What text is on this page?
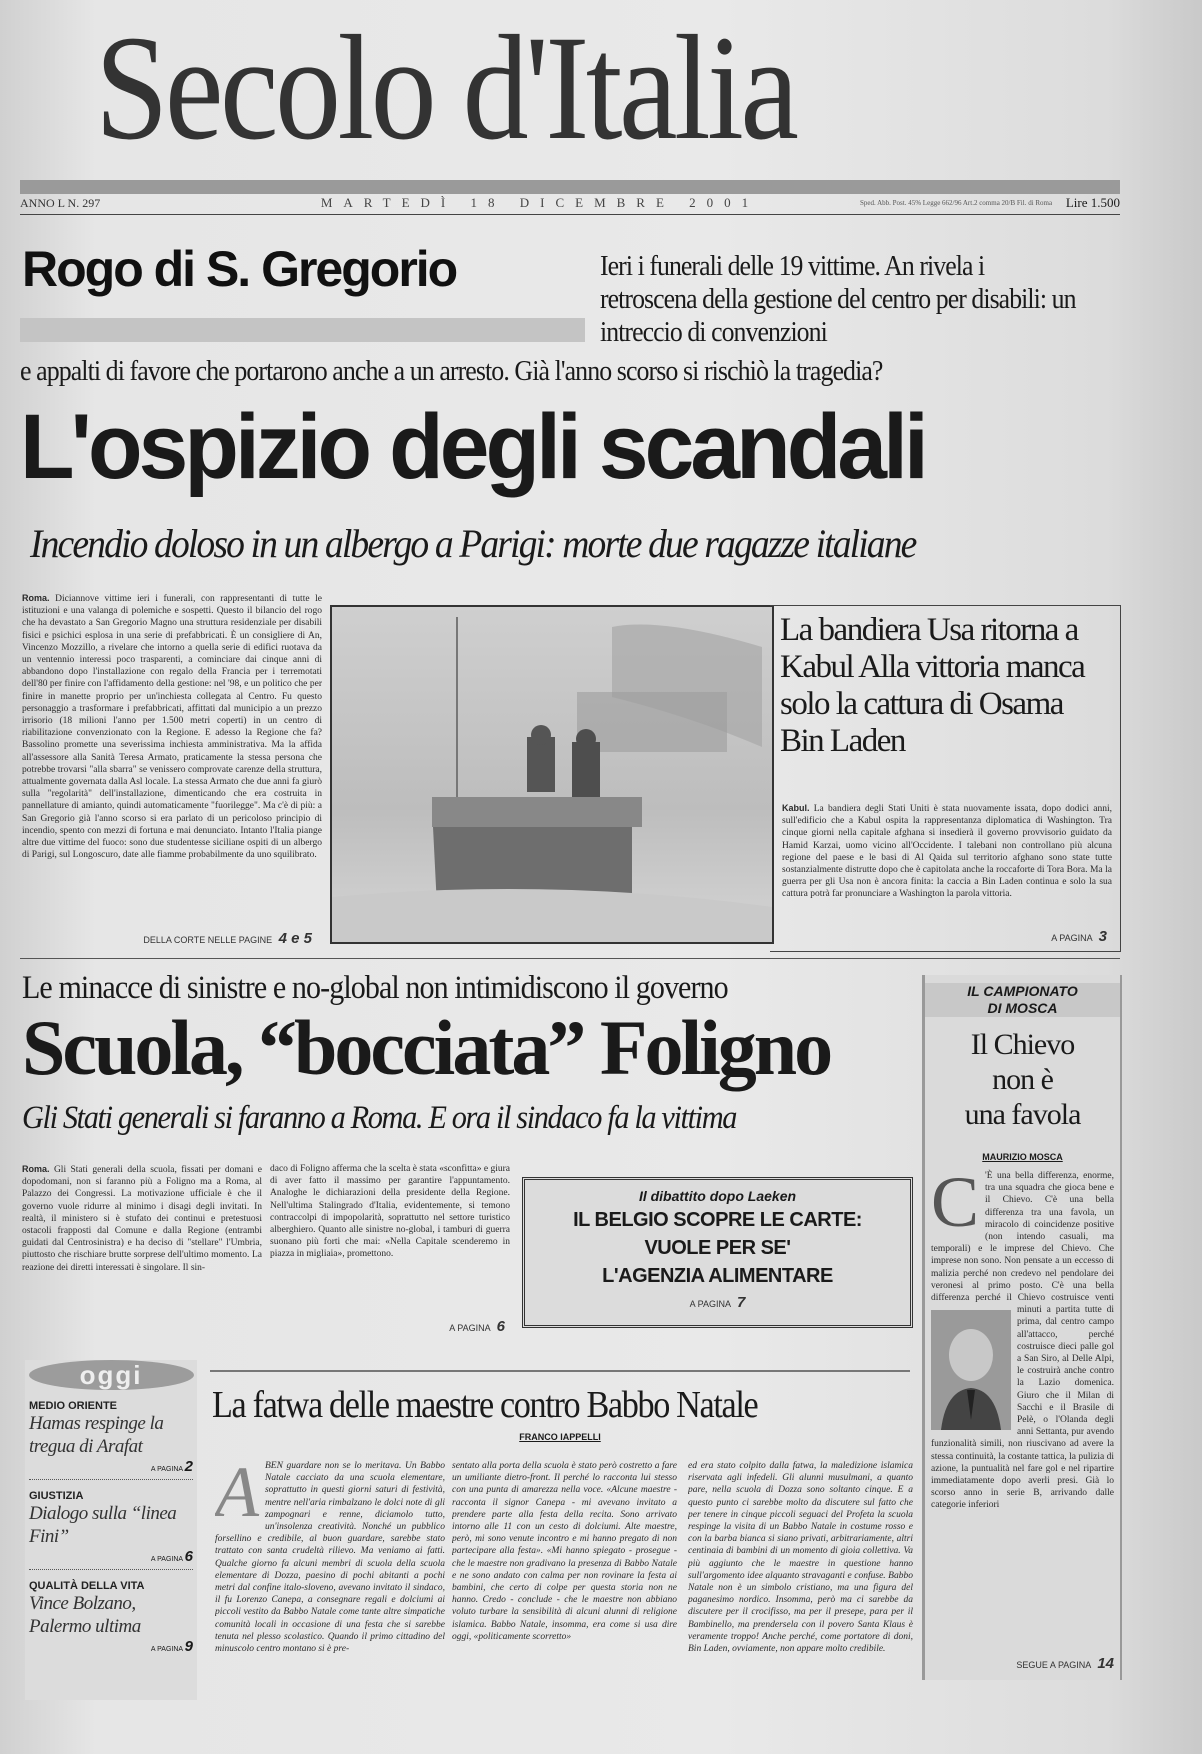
Secolo d'Italia
ANNO L N. 297	MARTEDÌ 18 DICEMBRE 2001	Sped. Abb. Post. 45% Legge 662/96 Art.2 comma 20/B Fil. di Roma	Lire 1.500
Rogo di S. Gregorio	Ieri i funerali delle 19 vittime. An rivela i retroscena della gestione del centro per disabili: un intreccio di convenzioni
e appalti di favore che portarono anche a un arresto. Già l'anno scorso si rischiò la tragedia?
L'ospizio degli scandali
Incendio doloso in un albergo a Parigi: morte due ragazze italiane
Roma. Diciannove vittime ieri i funerali, con rappresentanti di tutte le istituzioni e una valanga di polemiche e sospetti. Questo il bilancio del rogo che ha devastato a San Gregorio Magno una struttura residenziale per disabili fisici e psichici esplosa in una serie di prefabbricati. È un consigliere di An, Vincenzo Mozzillo, a rivelare che intorno a quella serie di edifici ruotava da un ventennio interessi poco trasparenti, a cominciare dai cinque anni di abbandono dopo l'installazione con regalo della Francia per i terremotati dell'80 per finire con l'affidamento della gestione: nel '98, e un politico che per finire in manette proprio per un'inchiesta collegata al Centro. Fu questo personaggio a trasformare i prefabbricati, affittati dal municipio a un prezzo irrisorio (18 milioni l'anno per 1.500 metri coperti) in un centro di riabilitazione convenzionato con la Regione. E adesso la Regione che fa? Bassolino promette una severissima inchiesta amministrativa. Ma la affida all'assessore alla Sanità Teresa Armato, praticamente la stessa persona che potrebbe trovarsi "alla sbarra" se venissero comprovate carenze della struttura, attualmente governata dalla Asl locale. La stessa Armato che due anni fa giurò sulla "regolarità" dell'installazione, dimenticando che era costruita in pannellature di amianto, quindi automaticamente "fuorilegge". Ma c'è di più: a San Gregorio già l'anno scorso si era parlato di un pericoloso principio di incendio, spento con mezzi di fortuna e mai denunciato. Intanto l'Italia piange altre due vittime del fuoco: sono due studentesse siciliane ospiti di un albergo di Parigi, sul Longoscuro, date alle fiamme probabilmente da uno squilibrato.
DELLA CORTE NELLE PAGINE 4 e 5
La bandiera Usa ritorna a Kabul Alla vittoria manca solo la cattura di Osama Bin Laden
Kabul. La bandiera degli Stati Uniti è stata nuovamente issata, dopo dodici anni, sull'edificio che a Kabul ospita la rappresentanza diplomatica di Washington. Tra cinque giorni nella capitale afghana si insedierà il governo provvisorio guidato da Hamid Karzai, uomo vicino all'Occidente. I talebani non controllano più alcuna regione del paese e le basi di Al Qaida sul territorio afghano sono state tutte sostanzialmente distrutte dopo che è capitolata anche la roccaforte di Tora Bora. Ma la guerra per gli Usa non è ancora finita: la caccia a Bin Laden continua e solo la sua cattura potrà far pronunciare a Washington la parola vittoria.
A PAGINA 3
Le minacce di sinistre e no-global non intimidiscono il governo
Scuola, “bocciata” Foligno
Gli Stati generali si faranno a Roma. E ora il sindaco fa la vittima
Roma. Gli Stati generali della scuola, fissati per domani e dopodomani, non si faranno più a Foligno ma a Roma, al Palazzo dei Congressi. La motivazione ufficiale è che il governo vuole ridurre al minimo i disagi degli invitati. In realtà, il ministero si è stufato dei continui e pretestuosi ostacoli frapposti dal Comune e dalla Regione (entrambi guidati dal Centrosinistra) e ha deciso di "stellare" l'Umbria, piuttosto che rischiare brutte sorprese dell'ultimo momento. La reazione dei diretti interessati è singolare. Il sin-
daco di Foligno afferma che la scelta è stata «sconfitta» e giura di aver fatto il massimo per garantire l'appuntamento. Analoghe le dichiarazioni della presidente della Regione. Nell'ultima Stalingrado d'Italia, evidentemente, si temono contraccolpi di impopolarità, soprattutto nel settore turistico alberghiero. Quanto alle sinistre no-global, i tamburi di guerra suonano più forti che mai: «Nella Capitale scenderemo in piazza in migliaia», promettono.
A PAGINA 6
Il dibattito dopo Laeken
IL BELGIO SCOPRE LE CARTE:
VUOLE PER SE'
L'AGENZIA ALIMENTARE
A PAGINA 7
IL CAMPIONATO
DI MOSCA
Il Chievo
non è
una favola
MAURIZIO MOSCA
C 'È una bella differenza, enorme, tra una squadra che gioca bene e il Chievo. C'è una bella differenza tra una favola, un miracolo di coincidenze positive (non intendo casuali, ma temporali) e le imprese del Chievo. Che imprese non sono. Non pensate a un eccesso di malizia perché non credevo nel pendolare dei veronesi al primo posto. C'è una bella differenza perché il Chievo costruisce venti minuti a partita tutte di prima, dal centro campo all'attacco, perché costruisce dieci palle gol a San Siro, al Delle Alpi, le costruirà anche contro la Lazio domenica. Giuro che il Milan di Sacchi e il Brasile di Pelè, o l'Olanda degli anni Settanta, pur avendo funzionalità simili, non riuscivano ad avere la stessa continuità, la costante tattica, la pulizia di azione, la puntualità nel fare gol e nel ripartire immediatamente dopo averli presi. Già lo scorso anno in serie B, arrivando dalle categorie inferiori
SEGUE A PAGINA 14
oggi
MEDIO ORIENTE
Hamas respinge la tregua di Arafat
A PAGINA 2
GIUSTIZIA
Dialogo sulla “linea Fini”
A PAGINA 6
QUALITÀ DELLA VITA
Vince Bolzano, Palermo ultima
A PAGINA 9
La fatwa delle maestre contro Babbo Natale
FRANCO IAPPELLI
A BEN guardare non se lo meritava. Un Babbo Natale cacciato da una scuola elementare, soprattutto in questi giorni saturi di festività, mentre nell'aria rimbalzano le dolci note di gli zampognari e renne, diciamolo tutto, un'insolenza creatività. Nonché un pubblico forsellino e credibile, al buon guardare, sarebbe stato trattato con santa crudeltà rilievo. Ma veniamo ai fatti. Qualche giorno fa alcuni membri di scuola della scuola elementare di Dozza, paesino di pochi abitanti a pochi metri dal confine italo-sloveno, avevano invitato il sindaco, il fu Lorenzo Canepa, a consegnare regali e dolciumi ai piccoli vestito da Babbo Natale come tante altre simpatiche comunità locali in occasione di una festa che si sarebbe tenuta nel plesso scolastico. Quando il primo cittadino del minuscolo centro montano si è pre-
sentato alla porta della scuola è stato però costretto a fare un umiliante dietro-front. Il perché lo racconta lui stesso con una punta di amarezza nella voce. «Alcune maestre - racconta il signor Canepa - mi avevano invitato a prendere parte alla festa della recita. Sono arrivato intorno alle 11 con un cesto di dolciumi. Alte maestre, però, mi sono venute incontro e mi hanno pregato di non partecipare alla festa». «Mi hanno spiegato - prosegue - che le maestre non gradivano la presenza di Babbo Natale e ne sono andato con calma per non rovinare la festa ai bambini, che certo di colpe per questa storia non ne hanno. Credo - conclude - che le maestre non abbiano voluto turbare la sensibilità di alcuni alunni di religione islamica. Babbo Natale, insomma, era come si usa dire oggi, «politicamente scorretto»
ed era stato colpito dalla fatwa, la maledizione islamica riservata agli infedeli. Gli alunni musulmani, a quanto pare, nella scuola di Dozza sono soltanto cinque. E a questo punto ci sarebbe molto da discutere sul fatto che per tenere in cinque piccoli seguaci del Profeta la scuola respinge la visita di un Babbo Natale in costume rosso e con la barba bianca si siano privati, arbitrariamente, altri centinaia di bambini di un momento di gioia collettiva. Va più aggiunto che le maestre in questione hanno sull'argomento idee alquanto stravaganti e confuse. Babbo Natale non è un simbolo cristiano, ma una figura del paganesimo nordico. Insomma, però ma ci sarebbe da discutere per il crocifisso, ma per il presepe, para per il Bambinello, ma prendersela con il povero Santa Klaus è veramente troppo! Anche perché, come portatore di doni, Bin Laden, ovviamente, non appare molto credibile.
